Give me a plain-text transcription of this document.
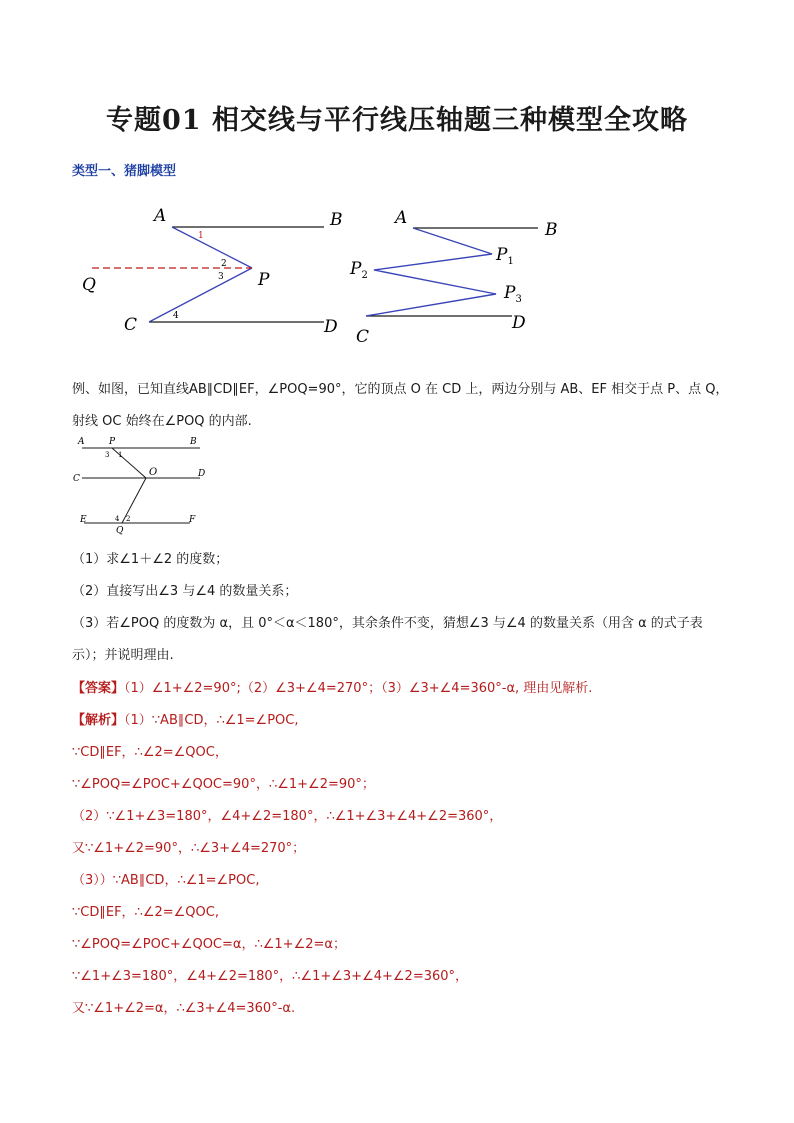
专题01 相交线与平行线压轴题三种模型全攻略
类型一、猪脚模型
A	B
Q	P
C	D
1
2
3
4
A
B
$P_1$
$P_2$
$P_3$
C
D
例、如图，已知直线AB∥CD∥EF，∠POQ=90°，它的顶点 O 在 CD 上，两边分别与 AB、EF 相交于点 P、点 Q，
射线 OC 始终在∠POQ 的内部.
A	P	B
C
O	D
E
Q
F
3 1
4 2
（1）求∠1＋∠2 的度数；
（2）直接写出∠3 与∠4 的数量关系；
（3）若∠POQ 的度数为 α，且 0°＜α＜180°，其余条件不变，猜想∠3 与∠4 的数量关系（用含 α 的式子表
示）；并说明理由.
【答案】（1）∠1+∠2=90°;（2）∠3+∠4=270°；（3）∠3+∠4=360°-α, 理由见解析.
【解析】（1）∵AB∥CD，∴∠1=∠POC,
∵CD∥EF，∴∠2=∠QOC，
∵∠POQ=∠POC+∠QOC=90°，∴∠1+∠2=90°；
（2）∵∠1+∠3=180°，∠4+∠2=180°，∴∠1+∠3+∠4+∠2=360°，
又∵∠1+∠2=90°，∴∠3+∠4=270°；
（3））∵AB∥CD，∴∠1=∠POC,
∵CD∥EF，∴∠2=∠QOC,
∵∠POQ=∠POC+∠QOC=α，∴∠1+∠2=α；
∵∠1+∠3=180°，∠4+∠2=180°，∴∠1+∠3+∠4+∠2=360°，
又∵∠1+∠2=α，∴∠3+∠4=360°-α.
